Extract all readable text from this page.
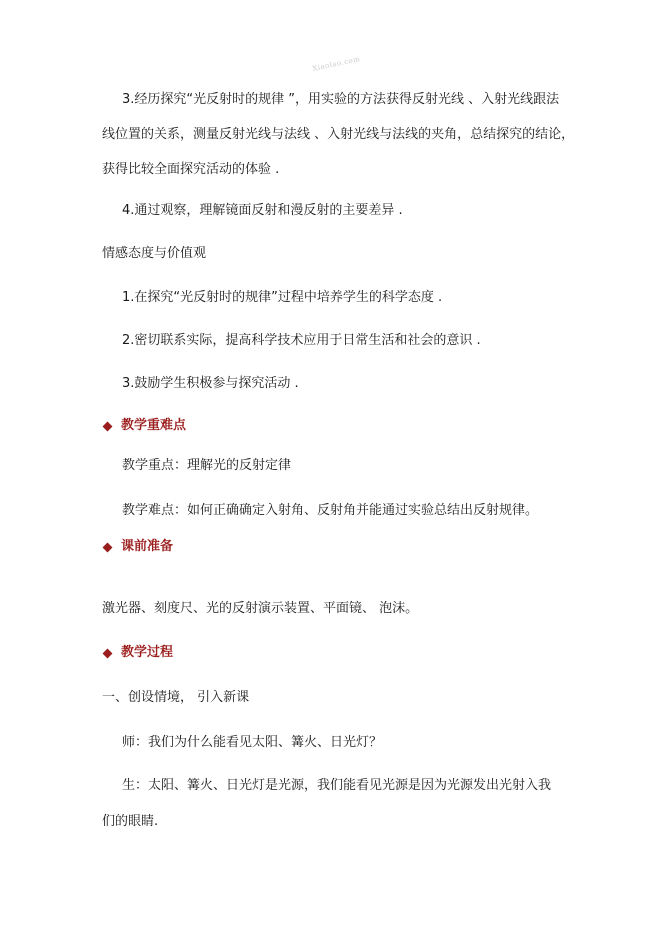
Xiaolao.com
3.经历探究“光反射时的规律 ”，用实验的方法获得反射光线 、入射光线跟法
线位置的关系，测量反射光线与法线 、入射光线与法线的夹角，总结探究的结论，
获得比较全面探究活动的体验 .
4.通过观察，理解镜面反射和漫反射的主要差异 .
情感态度与价值观
1.在探究“光反射时的规律”过程中培养学生的科学态度 .
2.密切联系实际，提高科学技术应用于日常生活和社会的意识 .
3.鼓励学生积极参与探究活动 .
教学重难点
教学重点：理解光的反射定律
教学难点：如何正确确定入射角、反射角并能通过实验总结出反射规律。
课前准备
激光器、刻度尺、光的反射演示装置、平面镜、 泡沫。
教学过程
一、创设情境， 引入新课
师：我们为什么能看见太阳、篝火、日光灯？
生：太阳、篝火、日光灯是光源，我们能看见光源是因为光源发出光射入我
们的眼睛.
